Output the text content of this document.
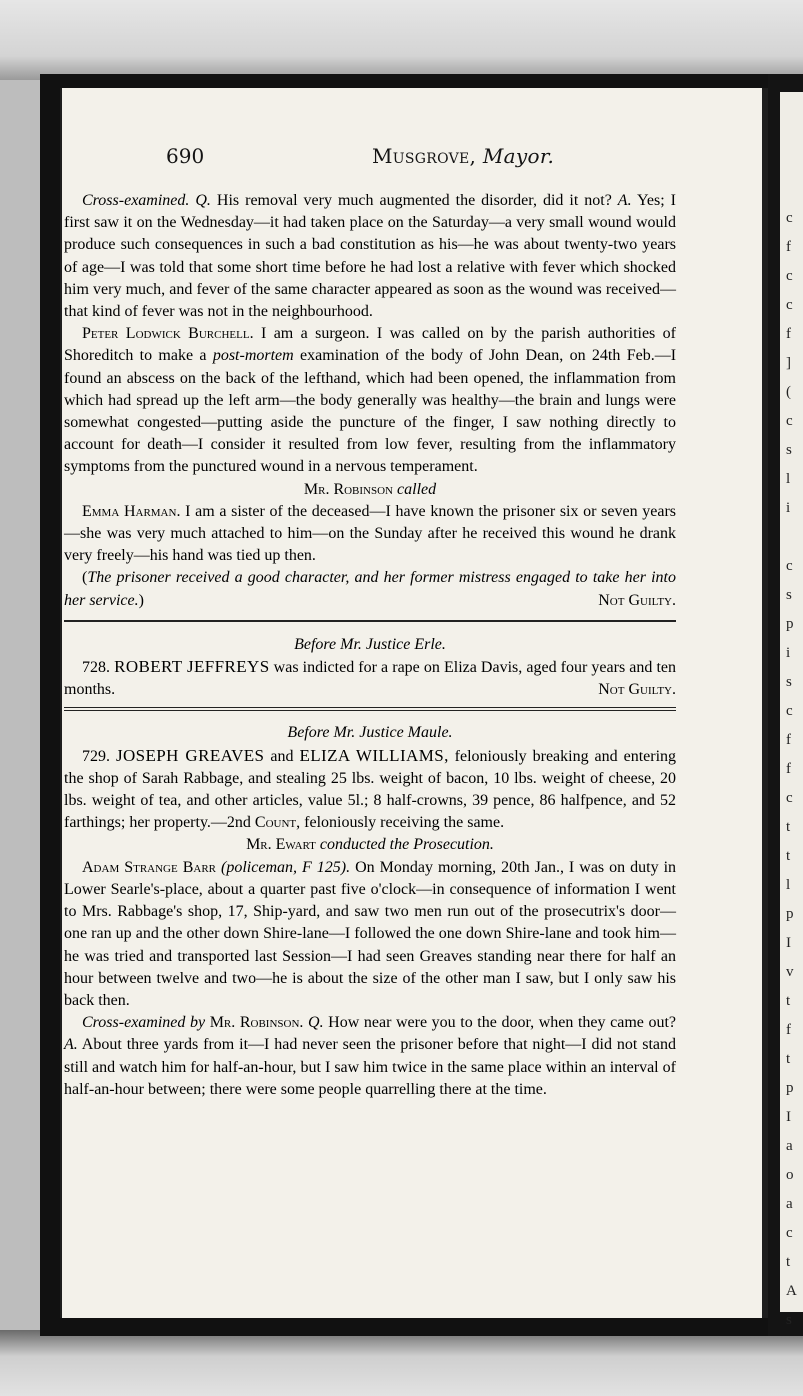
c
f
c
c
f
]
(
c
s
l
i
c
s
p
i
s
c
f
f
c
t
t
l
p
I
v
t
f
t
p
I
a
o
a
c
t
A
s
690	Musgrove, Mayor.

Cross-examined. Q. His removal very much augmented the disorder, did it not? A. Yes; I first saw it on the Wednesday—it had taken place on the Saturday—a very small wound would produce such consequences in such a bad constitution as his—he was about twenty-two years of age—I was told that some short time before he had lost a relative with fever which shocked him very much, and fever of the same character appeared as soon as the wound was received—that kind of fever was not in the neighbourhood.

Peter Lodwick Burchell. I am a surgeon. I was called on by the parish authorities of Shoreditch to make a post-mortem examination of the body of John Dean, on 24th Feb.—I found an abscess on the back of the lefthand, which had been opened, the inflammation from which had spread up the left arm—the body generally was healthy—the brain and lungs were somewhat congested—putting aside the puncture of the finger, I saw nothing directly to account for death—I consider it resulted from low fever, resulting from the inflammatory symptoms from the punctured wound in a nervous temperament.

Mr. Robinson called

Emma Harman. I am a sister of the deceased—I have known the prisoner six or seven years—she was very much attached to him—on the Sunday after he received this wound he drank very freely—his hand was tied up then.

(The prisoner received a good character, and her former mistress engaged to take her into her service.)	Not Guilty.

Before Mr. Justice Erle.

728. ROBERT JEFFREYS was indicted for a rape on Eliza Davis, aged four years and ten months.	Not Guilty.

Before Mr. Justice Maule.

729. JOSEPH GREAVES and ELIZA WILLIAMS, feloniously breaking and entering the shop of Sarah Rabbage, and stealing 25 lbs. weight of bacon, 10 lbs. weight of cheese, 20 lbs. weight of tea, and other articles, value 5l.; 8 half-crowns, 39 pence, 86 halfpence, and 52 farthings; her property.—2nd Count, feloniously receiving the same.

Mr. Ewart conducted the Prosecution.

Adam Strange Barr (policeman, F 125). On Monday morning, 20th Jan., I was on duty in Lower Searle's-place, about a quarter past five o'clock—in consequence of information I went to Mrs. Rabbage's shop, 17, Ship-yard, and saw two men run out of the prosecutrix's door—one ran up and the other down Shire-lane—I followed the one down Shire-lane and took him—he was tried and transported last Session—I had seen Greaves standing near there for half an hour between twelve and two—he is about the size of the other man I saw, but I only saw his back then.

Cross-examined by Mr. Robinson. Q. How near were you to the door, when they came out? A. About three yards from it—I had never seen the prisoner before that night—I did not stand still and watch him for half-an-hour, but I saw him twice in the same place within an interval of half-an-hour between; there were some people quarrelling there at the time.
